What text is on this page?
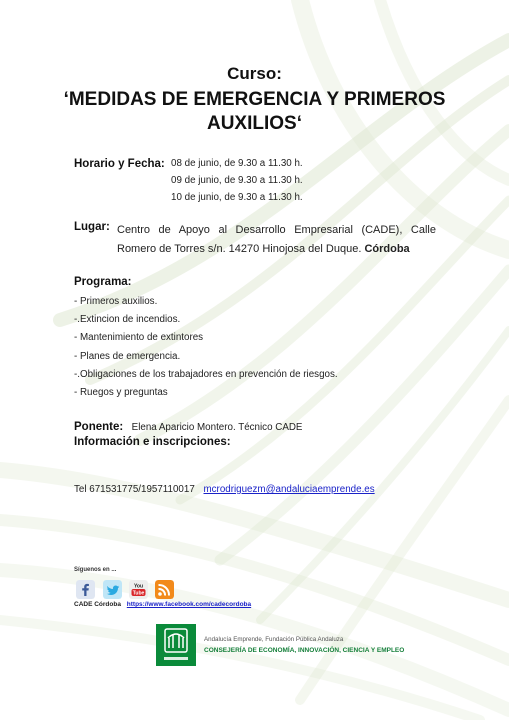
Curso:
‘MEDIDAS DE EMERGENCIA Y PRIMEROS
AUXILIOS‘
Horario y Fecha: 08 de junio, de 9.30 a 11.30 h.
09 de junio, de 9.30 a 11.30 h.
10 de junio, de 9.30 a 11.30 h.
Lugar: Centro de Apoyo al Desarrollo Empresarial (CADE), Calle Romero de Torres s/n. 14270 Hinojosa del Duque. Córdoba
Programa:
- Primeros auxilios.
-.Extincion de incendios.
- Mantenimiento de extintores
- Planes de emergencia.
-.Obligaciones de los trabajadores en prevención de riesgos.
- Ruegos y preguntas
Ponente: Elena Aparicio Montero. Técnico CADE
Información e inscripciones:
Tel 671531775/1957110017 mcrodriguezm@andaluciaemprende.es
Síguenos en ...
You
Tube
CADE Córdoba https://www.facebook.com/cadecordoba
Andalucía Emprende, Fundación Pública Andaluza
CONSEJERÍA DE ECONOMÍA, INNOVACIÓN, CIENCIA Y EMPLEO
